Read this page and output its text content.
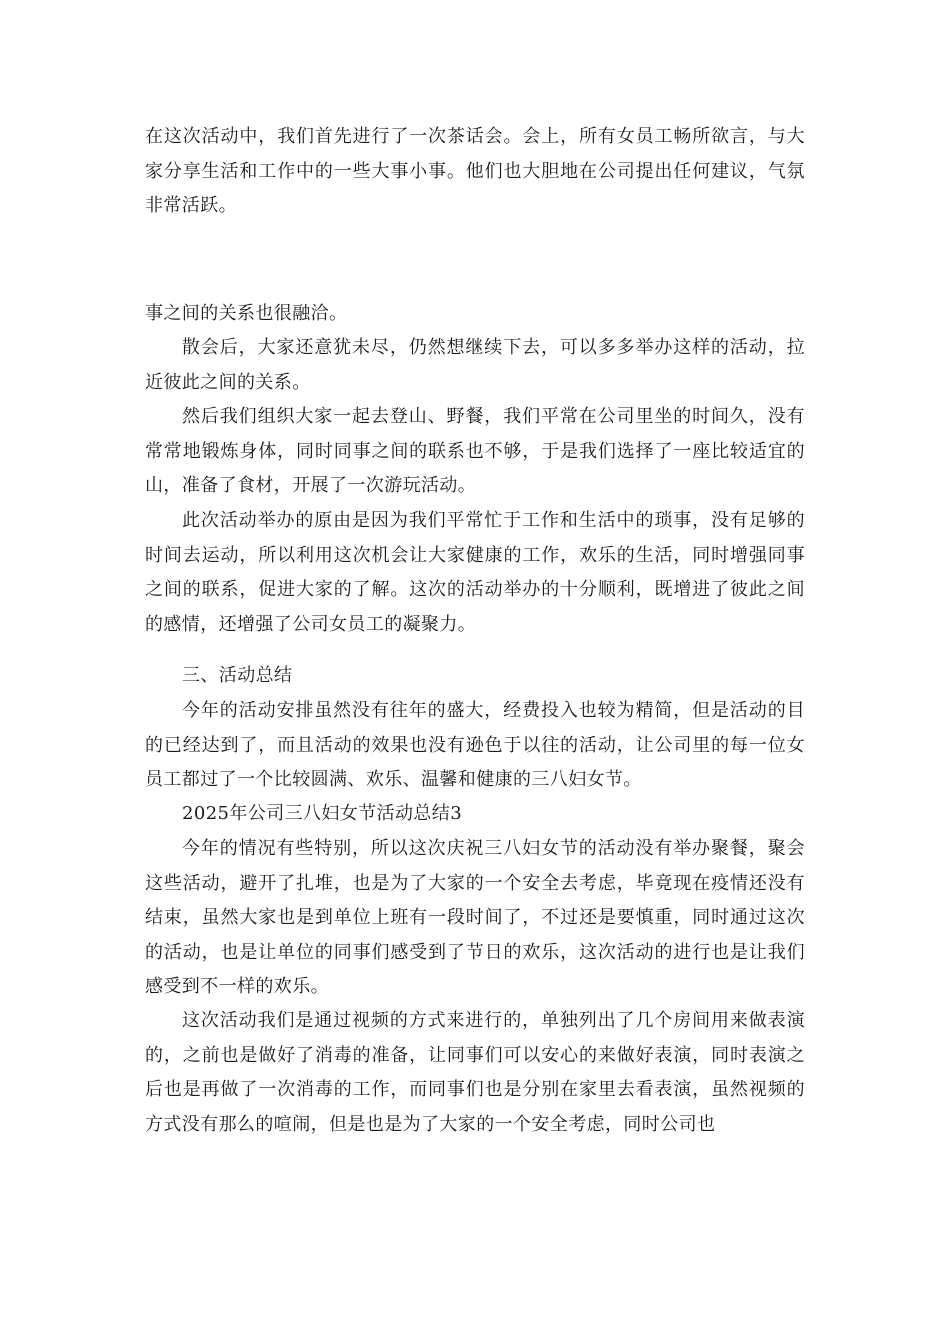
在这次活动中，我们首先进行了一次茶话会。会上，所有女员工畅所欲言，与大家分享生活和工作中的一些大事小事。他们也大胆地在公司提出任何建议，气氛非常活跃。

事之间的关系也很融洽。

散会后，大家还意犹未尽，仍然想继续下去，可以多多举办这样的活动，拉近彼此之间的关系。

然后我们组织大家一起去登山、野餐，我们平常在公司里坐的时间久，没有常常地锻炼身体，同时同事之间的联系也不够，于是我们选择了一座比较适宜的山，准备了食材，开展了一次游玩活动。

此次活动举办的原由是因为我们平常忙于工作和生活中的琐事，没有足够的时间去运动，所以利用这次机会让大家健康的工作，欢乐的生活，同时增强同事之间的联系，促进大家的了解。这次的活动举办的十分顺利，既增进了彼此之间的感情，还增强了公司女员工的凝聚力。

三、活动总结

今年的活动安排虽然没有往年的盛大，经费投入也较为精简，但是活动的目的已经达到了，而且活动的效果也没有逊色于以往的活动，让公司里的每一位女员工都过了一个比较圆满、欢乐、温馨和健康的三八妇女节。

2025年公司三八妇女节活动总结3

今年的情况有些特别，所以这次庆祝三八妇女节的活动没有举办聚餐，聚会这些活动，避开了扎堆，也是为了大家的一个安全去考虑，毕竟现在疫情还没有结束，虽然大家也是到单位上班有一段时间了，不过还是要慎重，同时通过这次的活动，也是让单位的同事们感受到了节日的欢乐，这次活动的进行也是让我们感受到不一样的欢乐。

这次活动我们是通过视频的方式来进行的，单独列出了几个房间用来做表演的，之前也是做好了消毒的准备，让同事们可以安心的来做好表演，同时表演之后也是再做了一次消毒的工作，而同事们也是分别在家里去看表演，虽然视频的方式没有那么的喧闹，但是也是为了大家的一个安全考虑，同时公司也
